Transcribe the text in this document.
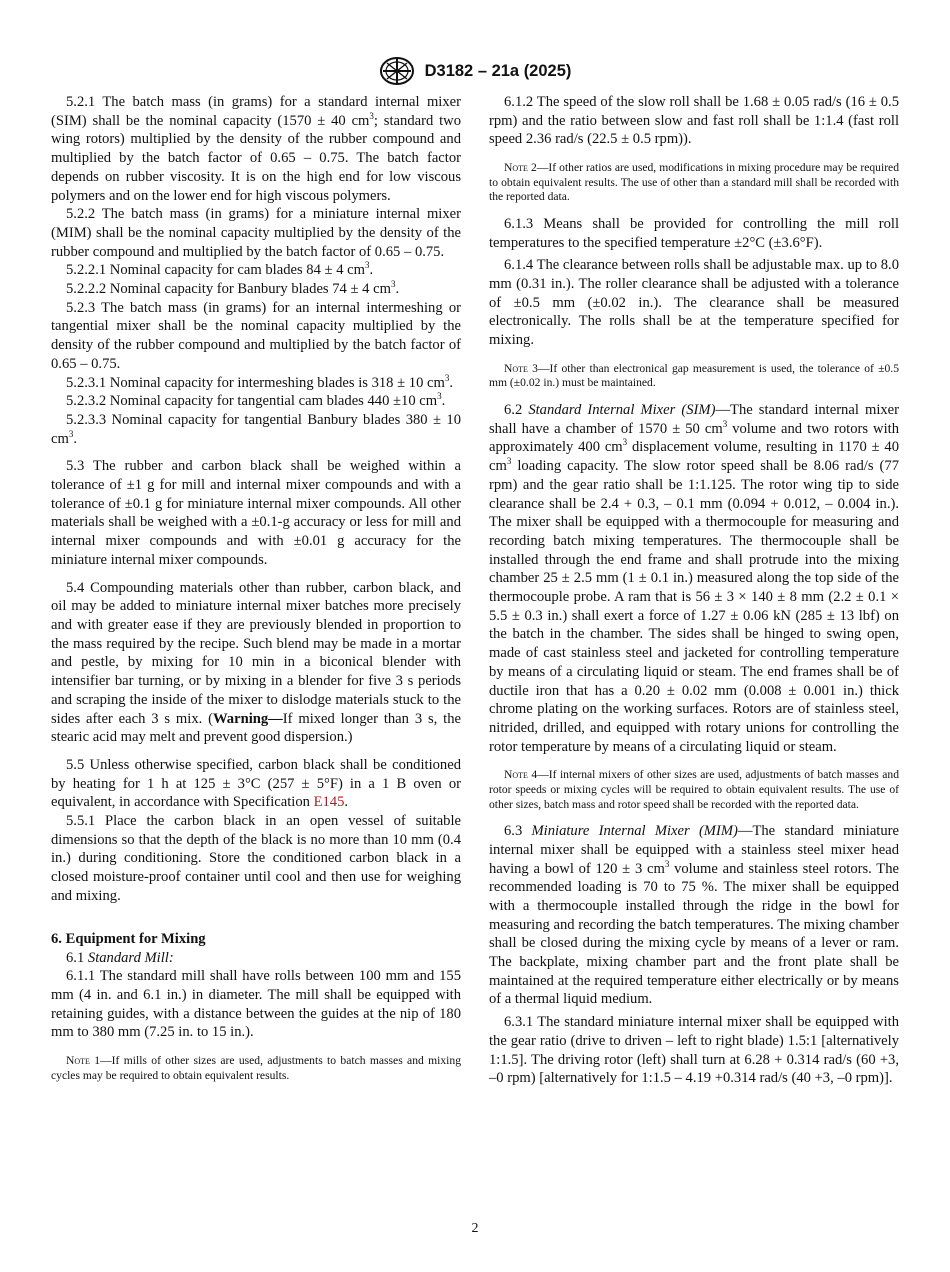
D3182 – 21a (2025)

5.2.1 The batch mass (in grams) for a standard internal mixer (SIM) shall be the nominal capacity (1570 ± 40 $cm^3$; standard two wing rotors) multiplied by the density of the rubber compound and multiplied by the batch factor of 0.65 – 0.75. The batch factor depends on rubber viscosity. It is on the high end for low viscous polymers and on the lower end for high viscous polymers.

5.2.2 The batch mass (in grams) for a miniature internal mixer (MIM) shall be the nominal capacity multiplied by the density of the rubber compound and multiplied by the batch factor of 0.65 – 0.75.

5.2.2.1 Nominal capacity for cam blades 84 ± 4 $cm^3$.

5.2.2.2 Nominal capacity for Banbury blades 74 ± 4 $cm^3$.

5.2.3 The batch mass (in grams) for an internal intermeshing or tangential mixer shall be the nominal capacity multiplied by the density of the rubber compound and multiplied by the batch factor of 0.65 – 0.75.

5.2.3.1 Nominal capacity for intermeshing blades is 318 ± 10 $cm^3$.

5.2.3.2 Nominal capacity for tangential cam blades 440 ±10 $cm^3$.

5.2.3.3 Nominal capacity for tangential Banbury blades 380 ± 10 $cm^3$.

5.3 The rubber and carbon black shall be weighed within a tolerance of ±1 g for mill and internal mixer compounds and with a tolerance of ±0.1 g for miniature internal mixer compounds. All other materials shall be weighed with a ±0.1-g accuracy or less for mill and internal mixer compounds and with ±0.01 g accuracy for the miniature internal mixer compounds.

5.4 Compounding materials other than rubber, carbon black, and oil may be added to miniature internal mixer batches more precisely and with greater ease if they are previously blended in proportion to the mass required by the recipe. Such blend may be made in a mortar and pestle, by mixing for 10 min in a biconical blender with intensifier bar turning, or by mixing in a blender for five 3 s periods and scraping the inside of the mixer to dislodge materials stuck to the sides after each 3 s mix. (Warning—If mixed longer than 3 s, the stearic acid may melt and prevent good dispersion.)

5.5 Unless otherwise specified, carbon black shall be conditioned by heating for 1 h at 125 ± 3°C (257 ± 5°F) in a 1 B oven or equivalent, in accordance with Specification E145.

5.5.1 Place the carbon black in an open vessel of suitable dimensions so that the depth of the black is no more than 10 mm (0.4 in.) during conditioning. Store the conditioned carbon black in a closed moisture-proof container until cool and then use for weighing and mixing.

6. Equipment for Mixing

6.1 Standard Mill:

6.1.1 The standard mill shall have rolls between 100 mm and 155 mm (4 in. and 6.1 in.) in diameter. The mill shall be equipped with retaining guides, with a distance between the guides at the nip of 180 mm to 380 mm (7.25 in. to 15 in.).

Note 1—If mills of other sizes are used, adjustments to batch masses and mixing cycles may be required to obtain equivalent results.

6.1.2 The speed of the slow roll shall be 1.68 ± 0.05 rad/s (16 ± 0.5 rpm) and the ratio between slow and fast roll shall be 1:1.4 (fast roll speed 2.36 rad/s (22.5 ± 0.5 rpm)).

Note 2—If other ratios are used, modifications in mixing procedure may be required to obtain equivalent results. The use of other than a standard mill shall be recorded with the reported data.

6.1.3 Means shall be provided for controlling the mill roll temperatures to the specified temperature ±2°C (±3.6°F).

6.1.4 The clearance between rolls shall be adjustable max. up to 8.0 mm (0.31 in.). The roller clearance shall be adjusted with a tolerance of ±0.5 mm (±0.02 in.). The clearance shall be measured electronically. The rolls shall be at the temperature specified for mixing.

Note 3—If other than electronical gap measurement is used, the tolerance of ±0.5 mm (±0.02 in.) must be maintained.

6.2 Standard Internal Mixer (SIM)—The standard internal mixer shall have a chamber of 1570 ± 50 $cm^3$ volume and two rotors with approximately 400 $cm^3$ displacement volume, resulting in 1170 ± 40 $cm^3$ loading capacity. The slow rotor speed shall be 8.06 rad/s (77 rpm) and the gear ratio shall be 1:1.125. The rotor wing tip to side clearance shall be 2.4 + 0.3, – 0.1 mm (0.094 + 0.012, – 0.004 in.). The mixer shall be equipped with a thermocouple for measuring and recording batch mixing temperatures. The thermocouple shall be installed through the end frame and shall protrude into the mixing chamber 25 ± 2.5 mm (1 ± 0.1 in.) measured along the top side of the thermocouple probe. A ram that is 56 ± 3 × 140 ± 8 mm (2.2 ± 0.1 × 5.5 ± 0.3 in.) shall exert a force of 1.27 ± 0.06 kN (285 ± 13 lbf) on the batch in the chamber. The sides shall be hinged to swing open, made of cast stainless steel and jacketed for controlling temperature by means of a circulating liquid or steam. The end frames shall be of ductile iron that has a 0.20 ± 0.02 mm (0.008 ± 0.001 in.) thick chrome plating on the working surfaces. Rotors are of stainless steel, nitrided, drilled, and equipped with rotary unions for controlling the rotor temperature by means of a circulating liquid or steam.

Note 4—If internal mixers of other sizes are used, adjustments of batch masses and rotor speeds or mixing cycles will be required to obtain equivalent results. The use of other sizes, batch mass and rotor speed shall be recorded with the reported data.

6.3 Miniature Internal Mixer (MIM)—The standard miniature internal mixer shall be equipped with a stainless steel mixer head having a bowl of 120 ± 3 $cm^3$ volume and stainless steel rotors. The recommended loading is 70 to 75 %. The mixer shall be equipped with a thermocouple installed through the ridge in the bowl for measuring and recording the batch temperatures. The mixing chamber shall be closed during the mixing cycle by means of a lever or ram. The backplate, mixing chamber part and the front plate shall be maintained at the required temperature either electrically or by means of a thermal liquid medium.

6.3.1 The standard miniature internal mixer shall be equipped with the gear ratio (drive to driven – left to right blade) 1.5:1 [alternatively 1:1.5]. The driving rotor (left) shall turn at 6.28 + 0.314 rad/s (60 +3, –0 rpm) [alternatively for 1:1.5 – 4.19 +0.314 rad/s (40 +3, –0 rpm)].

2
